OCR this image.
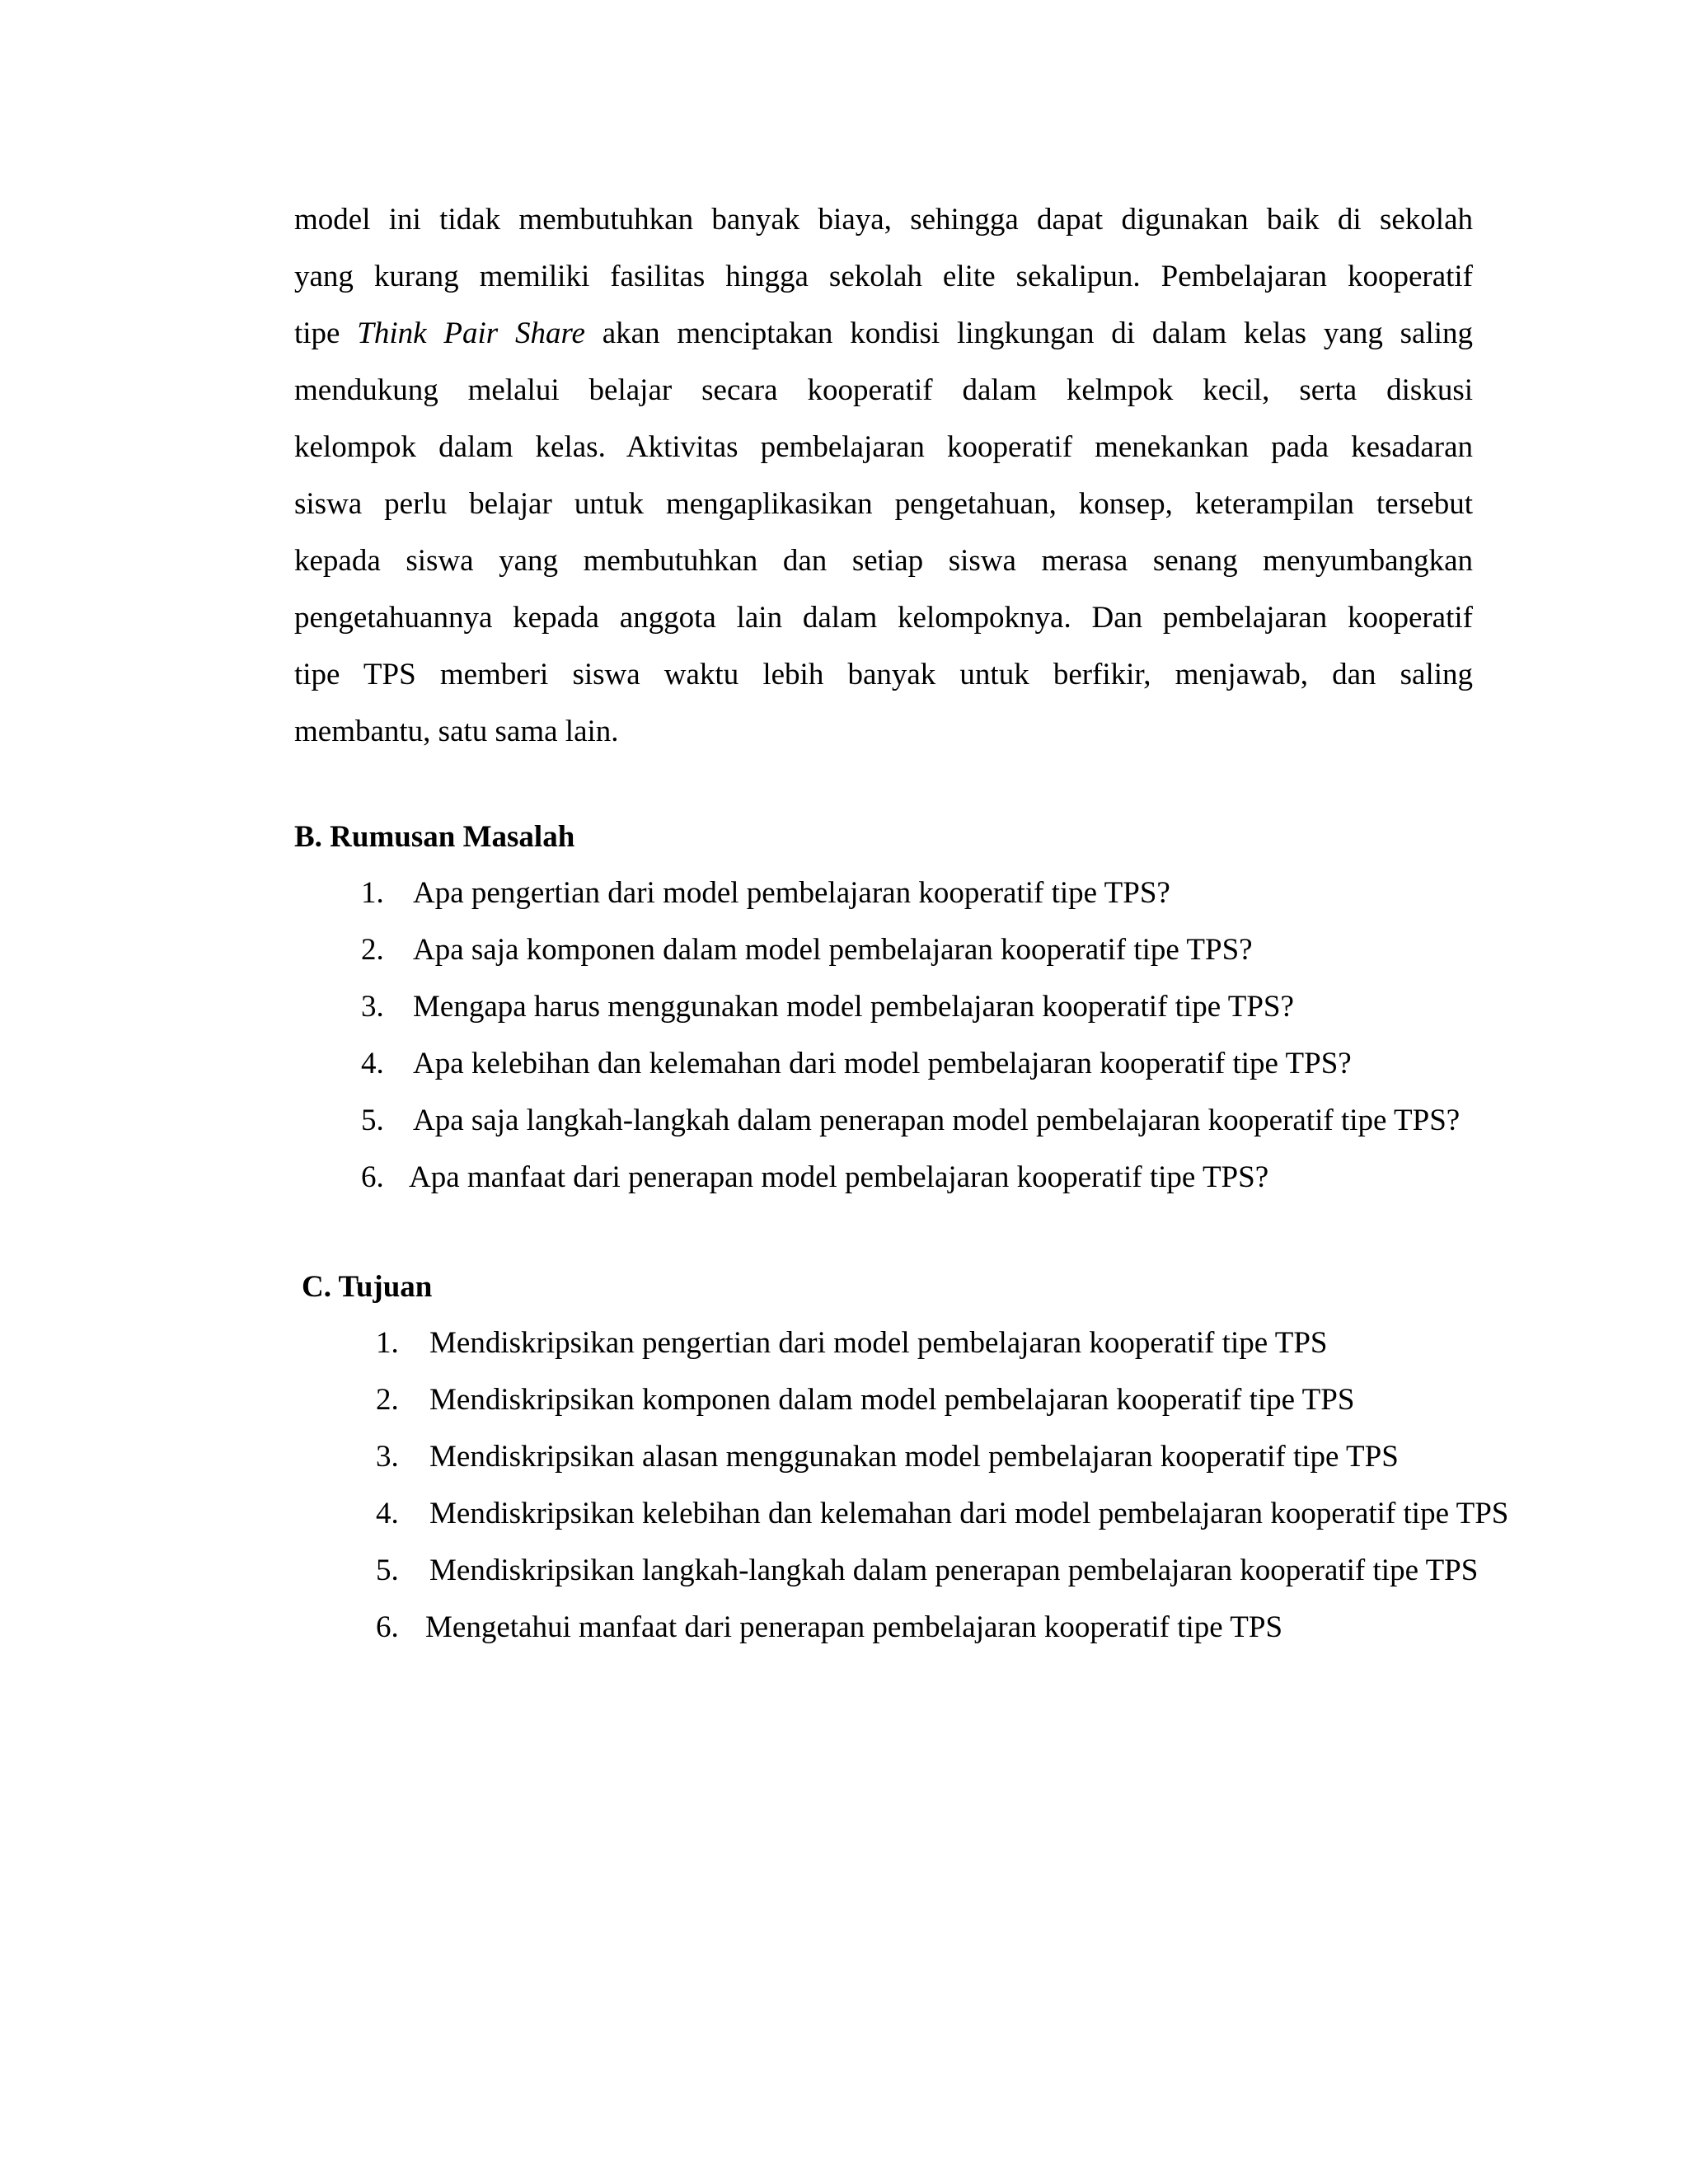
model ini tidak membutuhkan banyak biaya, sehingga dapat digunakan baik di sekolah
yang kurang memiliki fasilitas hingga sekolah elite sekalipun. Pembelajaran kooperatif
tipe Think Pair Share akan menciptakan kondisi lingkungan di dalam kelas yang saling
mendukung melalui belajar secara kooperatif dalam kelmpok kecil, serta diskusi
kelompok dalam kelas. Aktivitas pembelajaran kooperatif menekankan pada kesadaran
siswa perlu belajar untuk mengaplikasikan pengetahuan, konsep, keterampilan tersebut
kepada siswa yang membutuhkan dan setiap siswa merasa senang menyumbangkan
pengetahuannya kepada anggota lain dalam kelompoknya. Dan pembelajaran kooperatif
tipe TPS memberi siswa waktu lebih banyak untuk berfikir, menjawab, dan saling
membantu, satu sama lain.
B. Rumusan Masalah
1. Apa pengertian dari model pembelajaran kooperatif tipe TPS?
2. Apa saja komponen dalam model pembelajaran kooperatif tipe TPS?
3. Mengapa harus menggunakan model pembelajaran kooperatif tipe TPS?
4. Apa kelebihan dan kelemahan dari model pembelajaran kooperatif tipe TPS?
5. Apa saja langkah-langkah dalam penerapan model pembelajaran kooperatif tipe TPS?
6. Apa manfaat dari penerapan model pembelajaran kooperatif tipe TPS?
C. Tujuan
1. Mendiskripsikan pengertian dari model pembelajaran kooperatif tipe TPS
2. Mendiskripsikan komponen dalam model pembelajaran kooperatif tipe TPS
3. Mendiskripsikan alasan menggunakan model pembelajaran kooperatif tipe TPS
4. Mendiskripsikan kelebihan dan kelemahan dari model pembelajaran kooperatif tipe TPS
5. Mendiskripsikan langkah-langkah dalam penerapan pembelajaran kooperatif tipe TPS
6. Mengetahui manfaat dari penerapan pembelajaran kooperatif tipe TPS
